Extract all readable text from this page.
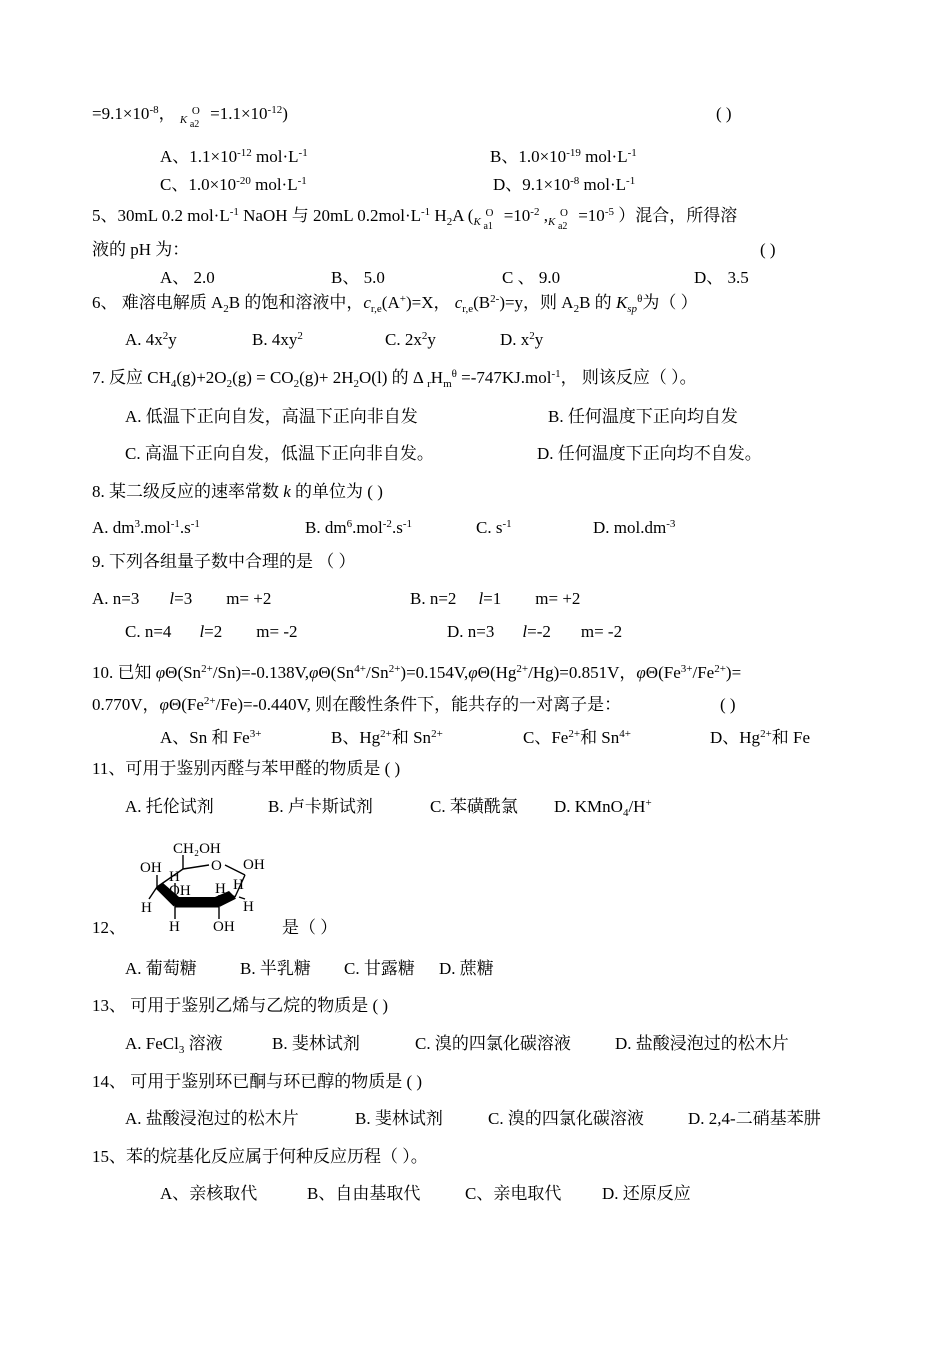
$=9.1\times 10^{-8}$， K
O
a2
$=1.1\times 10^{-12}$)	( )
A、$1.1\times 10^{-12}$ $mol\cdot L^{-1}$	B、$1.0\times 10^{-19}$ $mol\cdot L^{-1}$
C、$1.0\times 10^{-20}$ $mol\cdot L^{-1}$	D、$9.1\times 10^{-8}$ $mol\cdot L^{-1}$
5、30mL 0.2 $mol\cdot L^{-1}$ NaOH 与 20mL $0.2mol\cdot L^{-1}$ $H_2A$ ( K
O
a1
$=10^{-2}$ , K
O
a2
$=10^{-5}$ ）混合，所得溶
液的 pH 为：	( )
A、 2.0	B、 5.0	C 、 9.0	D、 3.5
6、 难溶电解质 $A_2B$ 的饱和溶液中，$c_{r,e}(A^+)=X$， $c_{r,e}(B^{2-})=y$，则 $A_2B$ 的 $K_{sp}^\theta$为（ ）
A. $4x^2y$	B. $4xy^2$	C. $2x^2y$	D. $x^2y$
7. 反应 $CH_4(g)+2O_2(g) = CO_2(g)+ 2H_2O(l)$ 的 Δ $_rH_m^\theta =-747KJ.mol^{-1}$， 则该反应（ ）。
A. 低温下正向自发，高温下正向非自发	B. 任何温度下正向均自发
C. 高温下正向自发，低温下正向非自发。	D. 任何温度下正向均不自发。
8. 某二级反应的速率常数 k 的单位为 ( )
A. $dm^3.mol^{-1}.s^{-1}$	B. $dm^6.mol^{-2}.s^{-1}$	C. $s^{-1}$	D. $mol.dm^{-3}$
9. 下列各组量子数中合理的是 （ ）
A. n=3 l=3 m= +2	B. n=2 l=1 m= +2
C. n=4 l=2 m= -2	D. n=3 l=-2 m= -2
10. 已知 $\varphi\Theta(Sn^{2+}/Sn)=-0.138V,\varphi\Theta(Sn^{4+}/Sn^{2+})=0.154V,\varphi\Theta(Hg^{2+}/Hg)=0.851V$，$\varphi\Theta(Fe^{3+}/Fe^{2+})=$
0.770V，$\varphi\Theta(Fe^{2+}/Fe)=-0.440V$, 则在酸性条件下，能共存的一对离子是：	( )
A、Sn 和 $Fe^{3+}$	B、$Hg^{2+}$和 $Sn^{2+}$	C、$Fe^{2+}$和 $Sn^{4+}$	D、$Hg^{2+}$和 Fe
11、可用于鉴别丙醛与苯甲醛的物质是 ( )
A. 托伦试剂	B. 卢卡斯试剂	C. 苯磺酰氯 D. KMnO$_4$/H+
CH₂OH
O
OH
H
H
OH
H OH
H
OH
H
H
12、	是（ ）
A. 葡萄糖	B. 半乳糖 C. 甘露糖 D. 蔗糖
13、 可用于鉴别乙烯与乙烷的物质是 ( )
A. FeCl$_3$ 溶液	B. 斐林试剂	C. 溴的四氯化碳溶液	D. 盐酸浸泡过的松木片
14、 可用于鉴别环已酮与环已醇的物质是 ( )
A. 盐酸浸泡过的松木片	B. 斐林试剂	C. 溴的四氯化碳溶液	D. 2,4-二硝基苯肼
15、苯的烷基化反应属于何种反应历程（ ）。
A、亲核取代	B、自由基取代	C、亲电取代 D. 还原反应
